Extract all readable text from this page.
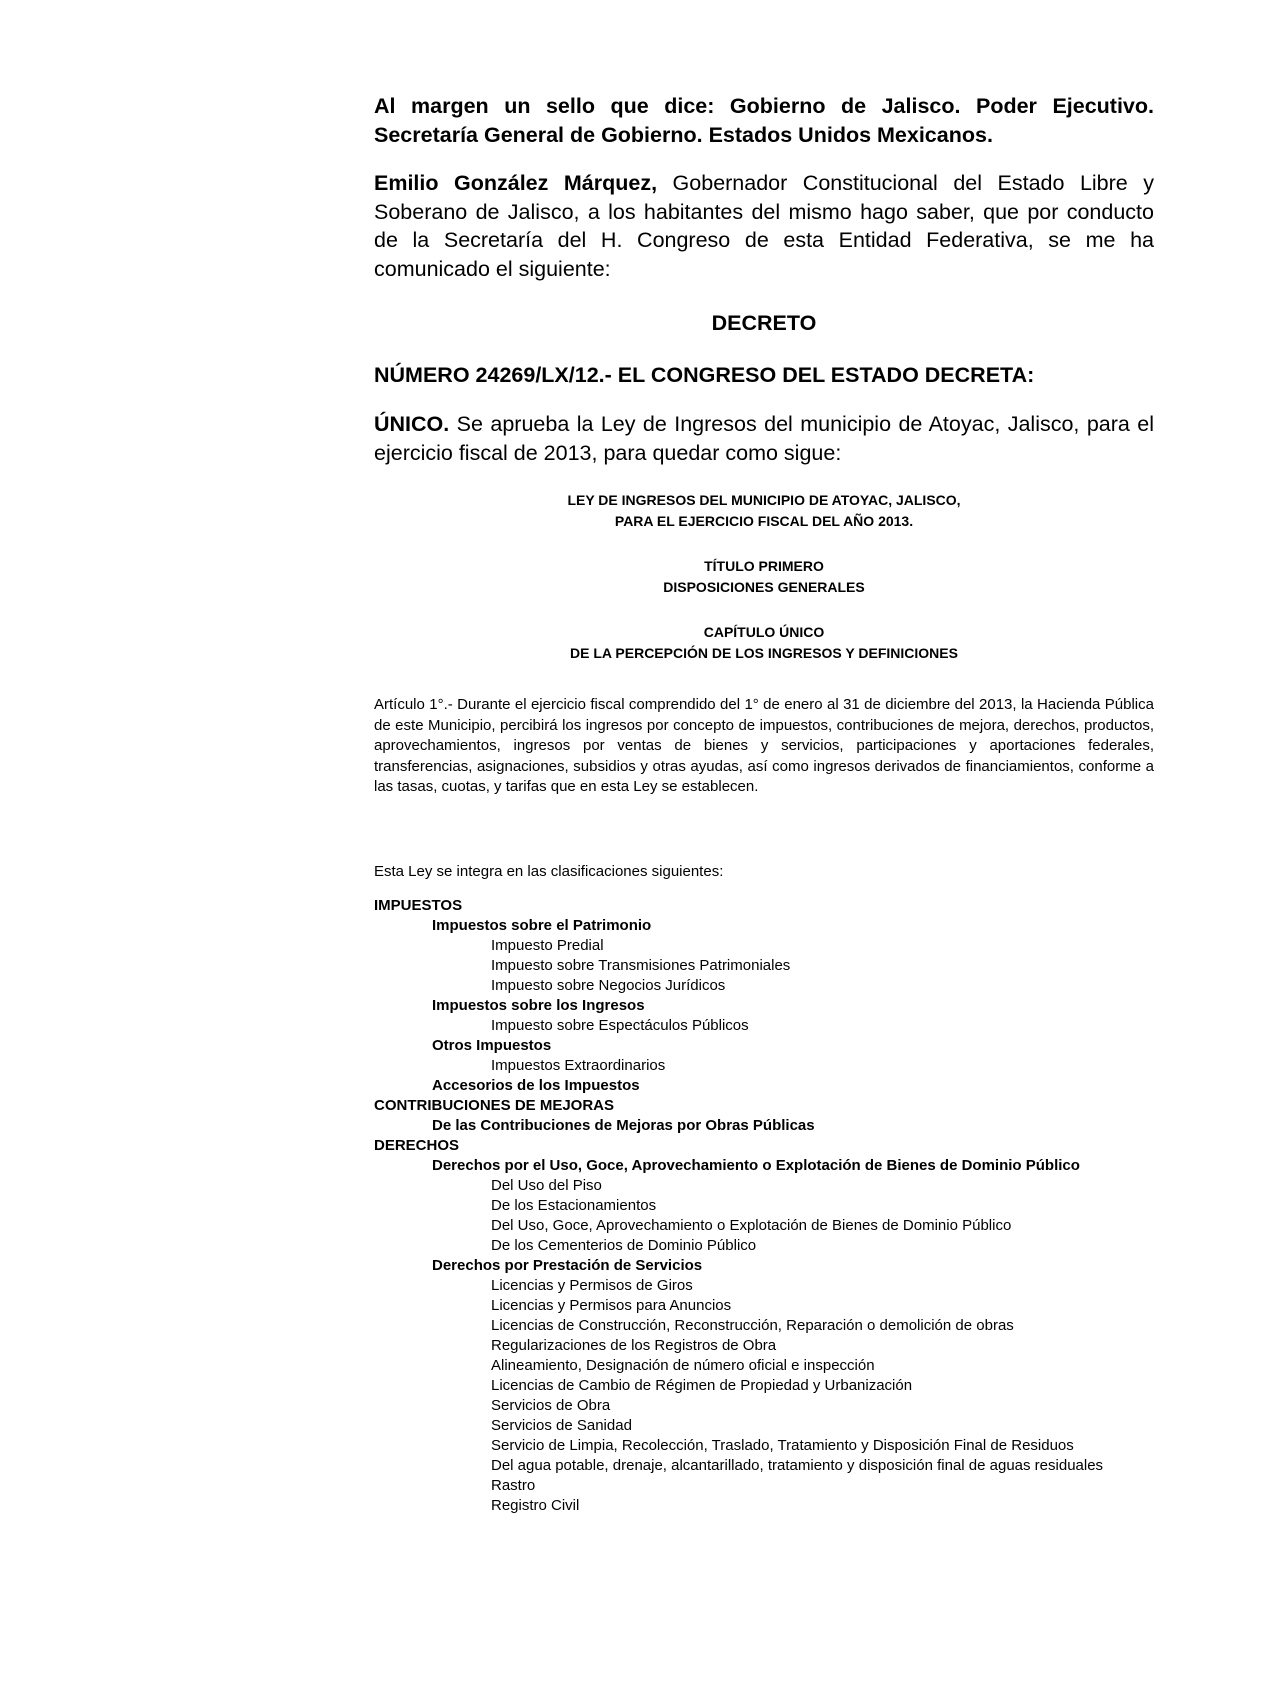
Al margen un sello que dice: Gobierno de Jalisco. Poder Ejecutivo. Secretaría General de Gobierno. Estados Unidos Mexicanos.

Emilio González Márquez, Gobernador Constitucional del Estado Libre y Soberano de Jalisco, a los habitantes del mismo hago saber, que por conducto de la Secretaría del H. Congreso de esta Entidad Federativa, se me ha comunicado el siguiente:

DECRETO

NÚMERO 24269/LX/12.- EL CONGRESO DEL ESTADO DECRETA:

ÚNICO. Se aprueba la Ley de Ingresos del municipio de Atoyac, Jalisco, para el ejercicio fiscal de 2013, para quedar como sigue:

LEY DE INGRESOS DEL MUNICIPIO DE ATOYAC, JALISCO,

PARA EL EJERCICIO FISCAL DEL AÑO 2013.

TÍTULO PRIMERO

DISPOSICIONES GENERALES

CAPÍTULO ÚNICO

DE LA PERCEPCIÓN DE LOS INGRESOS Y DEFINICIONES

Artículo 1°.- Durante el ejercicio fiscal comprendido del 1° de enero al 31 de diciembre del 2013, la Hacienda Pública de este Municipio, percibirá los ingresos por concepto de impuestos, contribuciones de mejora, derechos, productos, aprovechamientos, ingresos por ventas de bienes y servicios, participaciones y aportaciones federales, transferencias, asignaciones, subsidios y otras ayudas, así como ingresos derivados de financiamientos, conforme a las tasas, cuotas, y tarifas que en esta Ley se establecen.

Esta Ley se integra en las clasificaciones siguientes:

IMPUESTOS
Impuestos sobre el Patrimonio
Impuesto Predial
Impuesto sobre Transmisiones Patrimoniales
Impuesto sobre Negocios Jurídicos
Impuestos sobre los Ingresos
Impuesto sobre Espectáculos Públicos
Otros Impuestos
Impuestos Extraordinarios
Accesorios de los Impuestos
CONTRIBUCIONES DE MEJORAS
De las Contribuciones de Mejoras por Obras Públicas
DERECHOS
Derechos por el Uso, Goce, Aprovechamiento o Explotación de Bienes de Dominio Público
Del Uso del Piso
De los Estacionamientos
Del Uso, Goce, Aprovechamiento o Explotación de Bienes de Dominio Público
De los Cementerios de Dominio Público
Derechos por Prestación de Servicios
Licencias y Permisos de Giros
Licencias y Permisos para Anuncios
Licencias de Construcción, Reconstrucción, Reparación o demolición de obras
Regularizaciones de los Registros de Obra
Alineamiento, Designación de número oficial e inspección
Licencias de Cambio de Régimen de Propiedad y Urbanización
Servicios de Obra
Servicios de Sanidad
Servicio de Limpia, Recolección, Traslado, Tratamiento y Disposición Final de Residuos
Del agua potable, drenaje, alcantarillado, tratamiento y disposición final de aguas residuales
Rastro
Registro Civil
